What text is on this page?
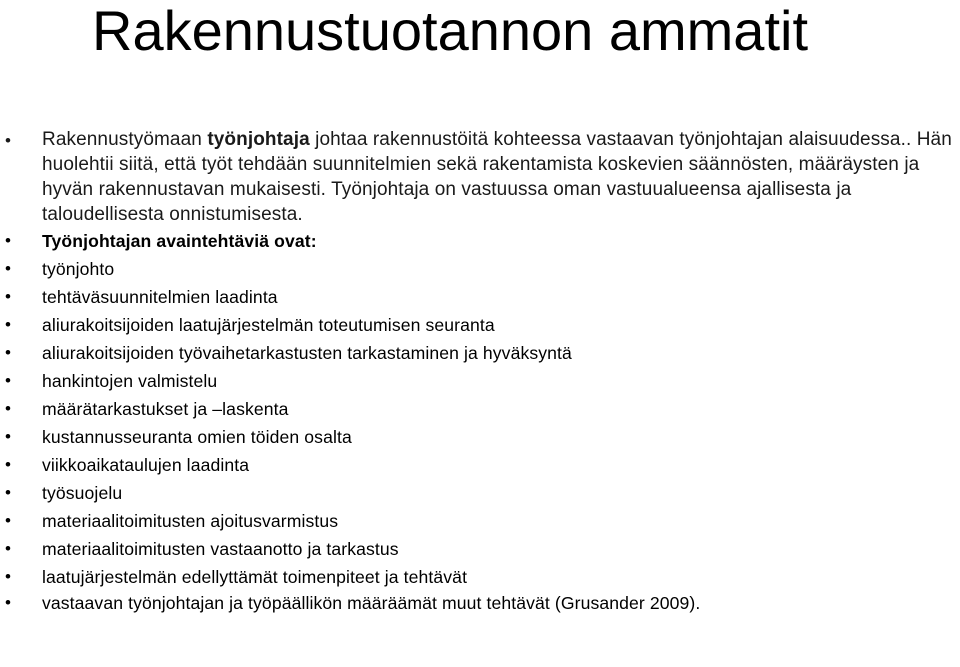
Rakennustuotannon ammatit
• Rakennustyömaan työnjohtaja johtaa rakennustöitä kohteessa vastaavan työnjohtajan alaisuudessa.. Hän huolehtii siitä, että työt tehdään suunnitelmien sekä rakentamista koskevien säännösten, määräysten ja hyvän rakennustavan mukaisesti. Työnjohtaja on vastuussa oman vastuualueensa ajallisesta ja taloudellisesta onnistumisesta.
• Työnjohtajan avaintehtäviä ovat:
• työnjohto
• tehtäväsuunnitelmien laadinta
• aliurakoitsijoiden laatujärjestelmän toteutumisen seuranta
• aliurakoitsijoiden työvaihetarkastusten tarkastaminen ja hyväksyntä
• hankintojen valmistelu
• määrätarkastukset ja –laskenta
• kustannusseuranta omien töiden osalta
• viikkoaikataulujen laadinta
• työsuojelu
• materiaalitoimitusten ajoitusvarmistus
• materiaalitoimitusten vastaanotto ja tarkastus
• laatujärjestelmän edellyttämät toimenpiteet ja tehtävät
• vastaavan työnjohtajan ja työpäällikön määräämät muut tehtävät (Grusander 2009).
